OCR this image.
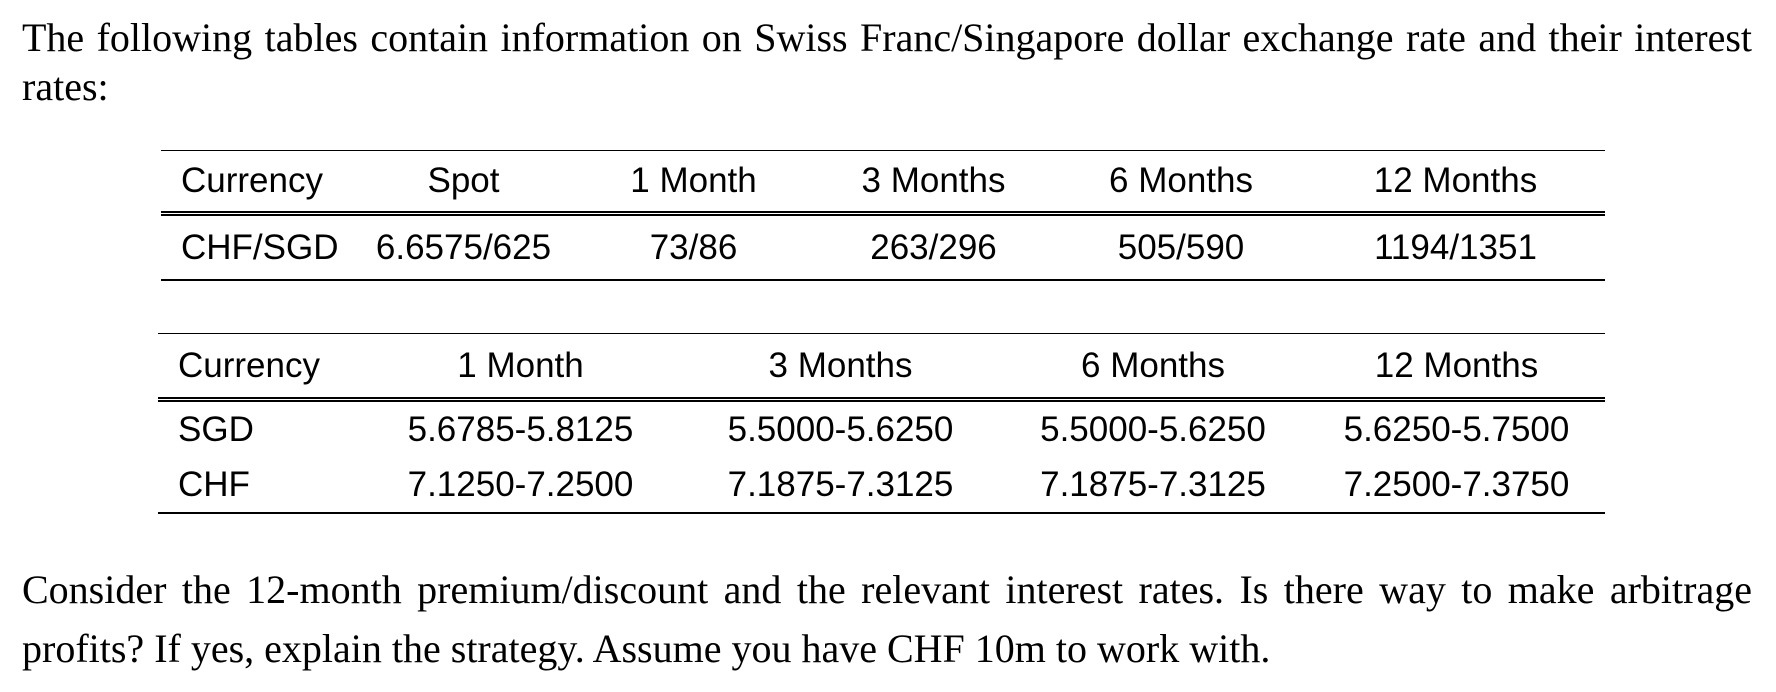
The following tables contain information on Swiss Franc/Singapore dollar exchange rate and their interest rates:

Currency	Spot	1 Month	3 Months	6 Months	12 Months
CHF/SGD	6.6575/625	73/86	263/296	505/590	1194/1351
Currency	1 Month	3 Months	6 Months	12 Months
SGD	5.6785-5.8125	5.5000-5.6250	5.5000-5.6250	5.6250-5.7500
CHF	7.1250-7.2500	7.1875-7.3125	7.1875-7.3125	7.2500-7.3750

Consider the 12-month premium/discount and the relevant interest rates. Is there way to make arbitrage profits? If yes, explain the strategy. Assume you have CHF 10m to work with.
